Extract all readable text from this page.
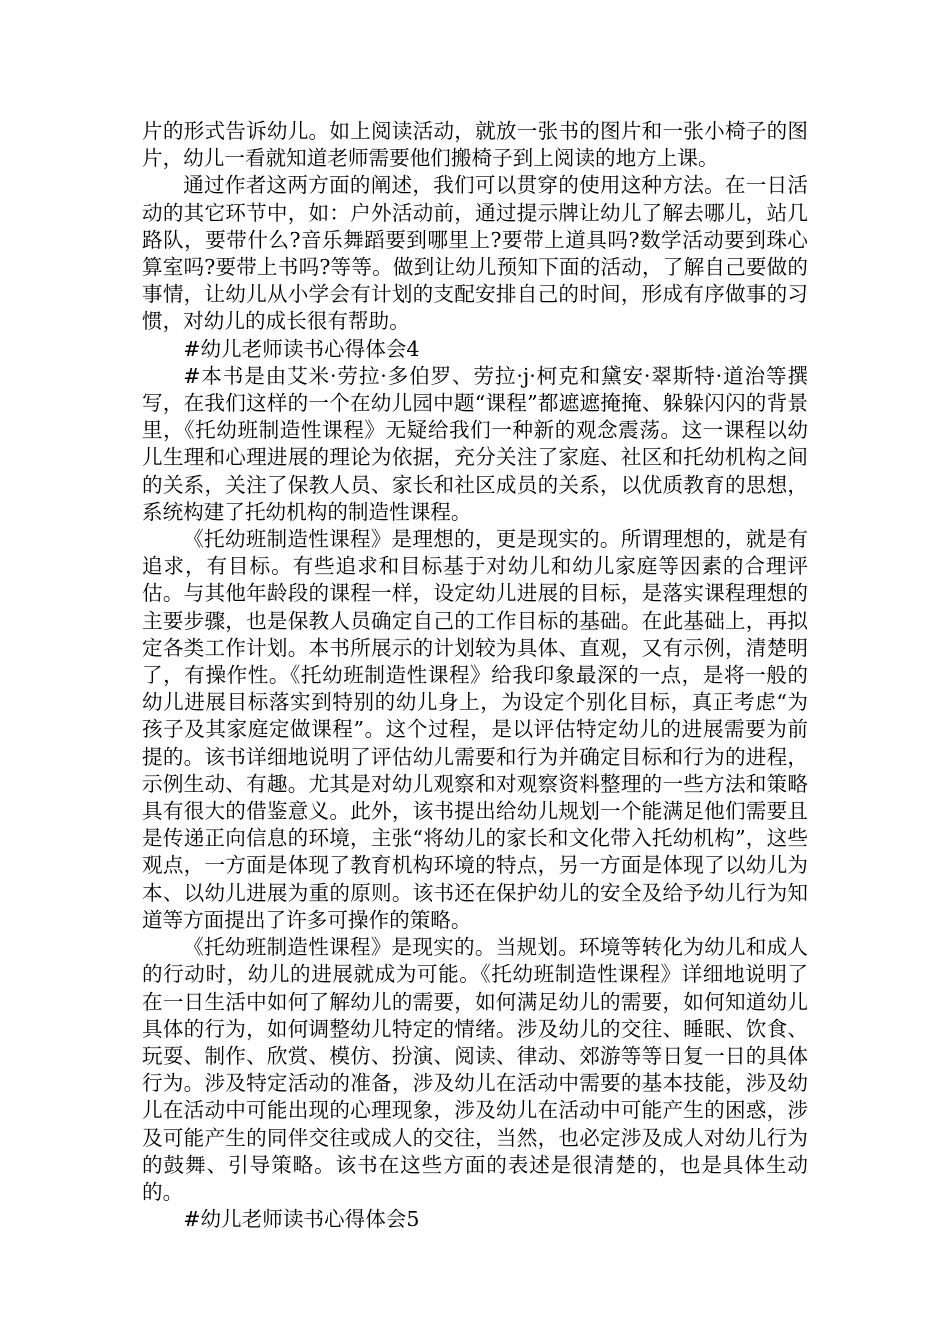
片的形式告诉幼儿。如上阅读活动，就放一张书的图片和一张小椅子的图片，幼儿一看就知道老师需要他们搬椅子到上阅读的地方上课。

通过作者这两方面的阐述，我们可以贯穿的使用这种方法。在一日活动的其它环节中，如：户外活动前，通过提示牌让幼儿了解去哪儿，站几路队，要带什么?音乐舞蹈要到哪里上?要带上道具吗?数学活动要到珠心算室吗?要带上书吗?等等。做到让幼儿预知下面的活动，了解自己要做的事情，让幼儿从小学会有计划的支配安排自己的时间，形成有序做事的习惯，对幼儿的成长很有帮助。

#幼儿老师读书心得体会4

#本书是由艾米·劳拉·多伯罗、劳拉·j·柯克和黛安·翠斯特·道治等撰写，在我们这样的一个在幼儿园中题“课程”都遮遮掩掩、躲躲闪闪的背景里，《托幼班制造性课程》无疑给我们一种新的观念震荡。这一课程以幼儿生理和心理进展的理论为依据，充分关注了家庭、社区和托幼机构之间的关系，关注了保教人员、家长和社区成员的关系，以优质教育的思想，系统构建了托幼机构的制造性课程。

《托幼班制造性课程》是理想的，更是现实的。所谓理想的，就是有追求，有目标。有些追求和目标基于对幼儿和幼儿家庭等因素的合理评估。与其他年龄段的课程一样，设定幼儿进展的目标，是落实课程理想的主要步骤，也是保教人员确定自己的工作目标的基础。在此基础上，再拟定各类工作计划。本书所展示的计划较为具体、直观，又有示例，清楚明了，有操作性。《托幼班制造性课程》给我印象最深的一点，是将一般的幼儿进展目标落实到特别的幼儿身上，为设定个别化目标，真正考虑“为孩子及其家庭定做课程”。这个过程，是以评估特定幼儿的进展需要为前提的。该书详细地说明了评估幼儿需要和行为并确定目标和行为的进程，示例生动、有趣。尤其是对幼儿观察和对观察资料整理的一些方法和策略具有很大的借鉴意义。此外，该书提出给幼儿规划一个能满足他们需要且是传递正向信息的环境，主张“将幼儿的家长和文化带入托幼机构”，这些观点，一方面是体现了教育机构环境的特点，另一方面是体现了以幼儿为本、以幼儿进展为重的原则。该书还在保护幼儿的安全及给予幼儿行为知道等方面提出了许多可操作的策略。

《托幼班制造性课程》是现实的。当规划。环境等转化为幼儿和成人的行动时，幼儿的进展就成为可能。《托幼班制造性课程》详细地说明了在一日生活中如何了解幼儿的需要，如何满足幼儿的需要，如何知道幼儿具体的行为，如何调整幼儿特定的情绪。涉及幼儿的交往、睡眠、饮食、玩耍、制作、欣赏、模仿、扮演、阅读、律动、郊游等等日复一日的具体行为。涉及特定活动的准备，涉及幼儿在活动中需要的基本技能，涉及幼儿在活动中可能出现的心理现象，涉及幼儿在活动中可能产生的困惑，涉及可能产生的同伴交往或成人的交往，当然，也必定涉及成人对幼儿行为的鼓舞、引导策略。该书在这些方面的表述是很清楚的，也是具体生动的。

#幼儿老师读书心得体会5
